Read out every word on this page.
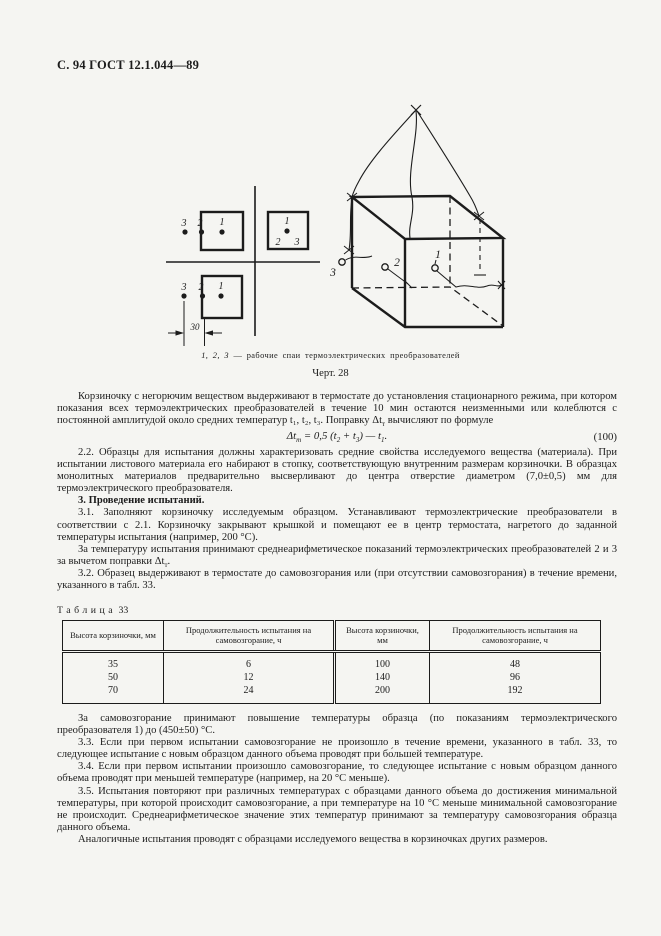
С. 94 ГОСТ 12.1.044—89
30
3 2 1	1
2 3
3 2 1
3
2
1
1, 2, 3 — рабочие спаи термоэлектрических преобразователей
Черт. 28

Корзиночку с негорючим веществом выдерживают в термостате до установления стационарного режима, при котором показания всех термоэлектрических преобразователей в течение 10 мин остаются неизменными или колеблются с постоянной амплитудой около средних температур t₁, t₂, t₃. Поправку $\Delta t_т$ вычисляют по формуле

$\Delta t_т = 0,5$ $(t_2 + t_3)$ — $t_1$.	(100)

2.2. Образцы для испытания должны характеризовать средние свойства исследуемого вещества (материала). При испытании листового материала его набирают в стопку, соответствующую внутренним размерам корзиночки. В образцах монолитных материалов предварительно высверливают до центра отверстие диаметром (7,0±0,5) мм для термоэлектрического преобразователя.

3. Проведение испытаний.

3.1. Заполняют корзиночку исследуемым образцом. Устанавливают термоэлектрические преобразователи в соответствии с 2.1. Корзиночку закрывают крышкой и помещают ее в центр термостата, нагретого до заданной температуры испытания (например, 200 °С).

За температуру испытания принимают среднеарифметическое показаний термоэлектрических преобразователей 2 и 3 за вычетом поправки $\Delta t_т$.

3.2. Образец выдерживают в термостате до самовозгорания или (при отсутствии самовозгорания) в течение времени, указанного в табл. 33.

Таблица 33
Высота корзиночки, мм	Продолжительность испытания на самовозгорание, ч	Высота корзиночки, мм	Продолжительность испытания на самовозгорание, ч
35	6	100	48
50	12	140	96
70	24	200	192

За самовозгорание принимают повышение температуры образца (по показаниям термоэлектрического преобразователя 1) до (450±50) °С.

3.3. Если при первом испытании самовозгорание не произошло в течение времени, указанного в табл. 33, то следующее испытание с новым образцом данного объема проводят при бо́льшей температуре.

3.4. Если при первом испытании произошло самовозгорание, то следующее испытание с новым образцом данного объема проводят при меньшей температуре (например, на 20 °С меньше).

3.5. Испытания повторяют при различных температурах с образцами данного объема до достижения минимальной температуры, при которой происходит самовозгорание, а при температуре на 10 °С меньше минимальной самовозгорание не происходит. Среднеарифметическое значение этих температур принимают за температуру самовозгорания образца данного объема.

Аналогичные испытания проводят с образцами исследуемого вещества в корзиночках других размеров.
